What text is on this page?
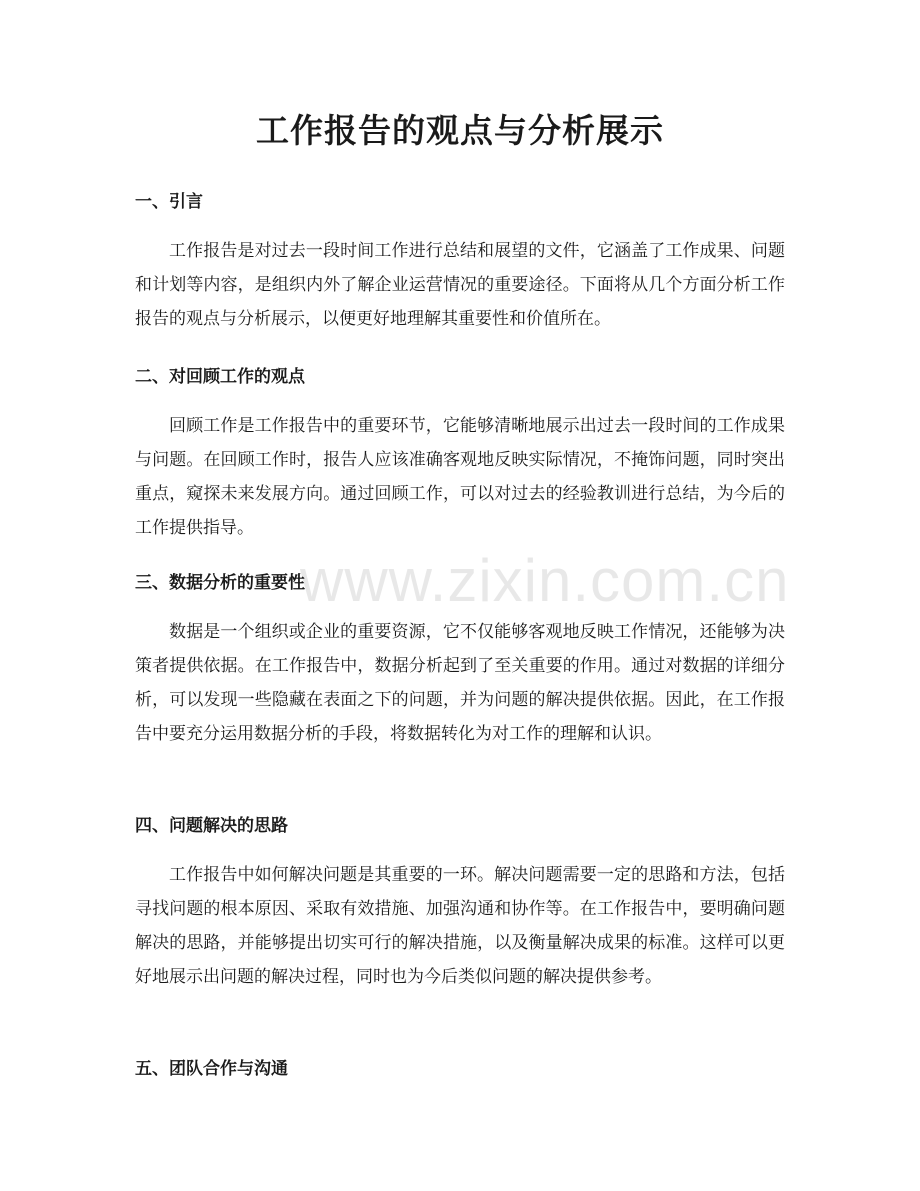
工作报告的观点与分析展示
一、引言

工作报告是对过去一段时间工作进行总结和展望的文件，它涵盖了工作成果、问题和计划等内容，是组织内外了解企业运营情况的重要途径。下面将从几个方面分析工作报告的观点与分析展示，以便更好地理解其重要性和价值所在。

二、对回顾工作的观点

回顾工作是工作报告中的重要环节，它能够清晰地展示出过去一段时间的工作成果与问题。在回顾工作时，报告人应该准确客观地反映实际情况，不掩饰问题，同时突出重点，窥探未来发展方向。通过回顾工作，可以对过去的经验教训进行总结，为今后的工作提供指导。

三、数据分析的重要性

数据是一个组织或企业的重要资源，它不仅能够客观地反映工作情况，还能够为决策者提供依据。在工作报告中，数据分析起到了至关重要的作用。通过对数据的详细分析，可以发现一些隐藏在表面之下的问题，并为问题的解决提供依据。因此，在工作报告中要充分运用数据分析的手段，将数据转化为对工作的理解和认识。

四、问题解决的思路

工作报告中如何解决问题是其重要的一环。解决问题需要一定的思路和方法，包括寻找问题的根本原因、采取有效措施、加强沟通和协作等。在工作报告中，要明确问题解决的思路，并能够提出切实可行的解决措施，以及衡量解决成果的标准。这样可以更好地展示出问题的解决过程，同时也为今后类似问题的解决提供参考。

五、团队合作与沟通
www.zixin.com.cn
